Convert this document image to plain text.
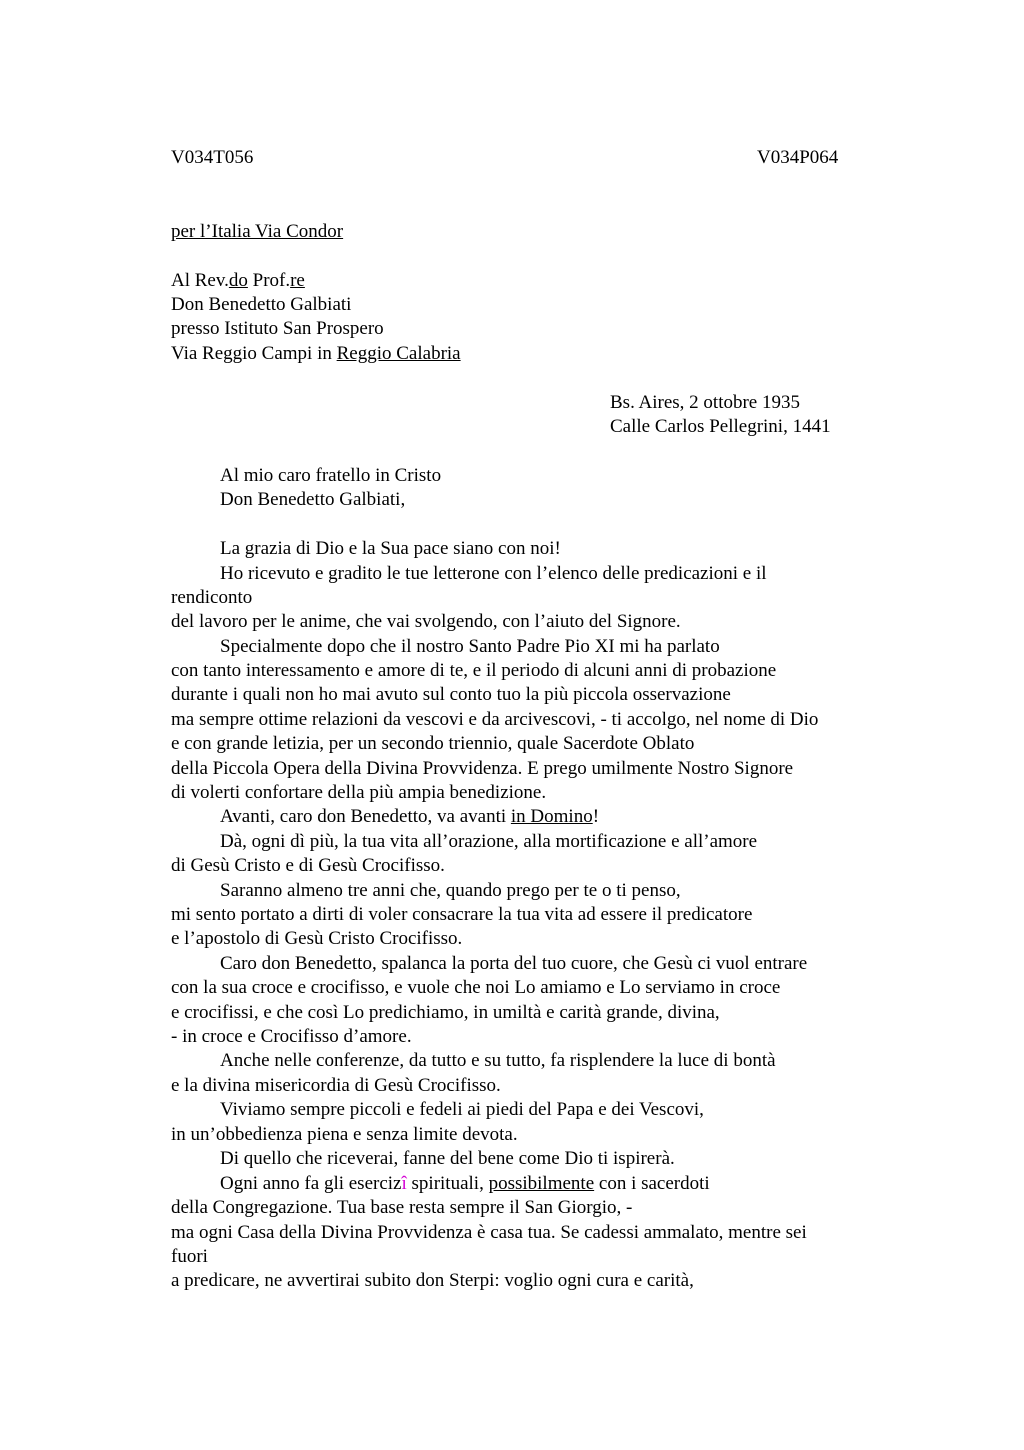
V034T056	V034P064
per l’Italia Via Condor
Al Rev.do Prof.re
Don Benedetto Galbiati
presso Istituto San Prospero
Via Reggio Campi in Reggio Calabria
Bs. Aires, 2 ottobre 1935
Calle Carlos Pellegrini, 1441
Al mio caro fratello in Cristo
Don Benedetto Galbiati,
La grazia di Dio e la Sua pace siano con noi!
Ho ricevuto e gradito le tue letterone con l’elenco delle predicazioni e il
rendiconto
del lavoro per le anime, che vai svolgendo, con l’aiuto del Signore.
Specialmente dopo che il nostro Santo Padre Pio XI mi ha parlato
con tanto interessamento e amore di te, e il periodo di alcuni anni di probazione
durante i quali non ho mai avuto sul conto tuo la più piccola osservazione
ma sempre ottime relazioni da vescovi e da arcivescovi, - ti accolgo, nel nome di Dio
e con grande letizia, per un secondo triennio, quale Sacerdote Oblato
della Piccola Opera della Divina Provvidenza. E prego umilmente Nostro Signore
di volerti confortare della più ampia benedizione.
Avanti, caro don Benedetto, va avanti in Domino!
Dà, ogni dì più, la tua vita all’orazione, alla mortificazione e all’amore
di Gesù Cristo e di Gesù Crocifisso.
Saranno almeno tre anni che, quando prego per te o ti penso,
mi sento portato a dirti di voler consacrare la tua vita ad essere il predicatore
e l’apostolo di Gesù Cristo Crocifisso.
Caro don Benedetto, spalanca la porta del tuo cuore, che Gesù ci vuol entrare
con la sua croce e crocifisso, e vuole che noi Lo amiamo e Lo serviamo in croce
e crocifissi, e che così Lo predichiamo, in umiltà e carità grande, divina,
- in croce e Crocifisso d’amore.
Anche nelle conferenze, da tutto e su tutto, fa risplendere la luce di bontà
e la divina misericordia di Gesù Crocifisso.
Viviamo sempre piccoli e fedeli ai piedi del Papa e dei Vescovi,
in un’obbedienza piena e senza limite devota.
Di quello che riceverai, fanne del bene come Dio ti ispirerà.
Ogni anno fa gli esercizî spirituali, possibilmente con i sacerdoti
della Congregazione. Tua base resta sempre il San Giorgio, -
ma ogni Casa della Divina Provvidenza è casa tua. Se cadessi ammalato, mentre sei
fuori
a predicare, ne avvertirai subito don Sterpi: voglio ogni cura e carità,
